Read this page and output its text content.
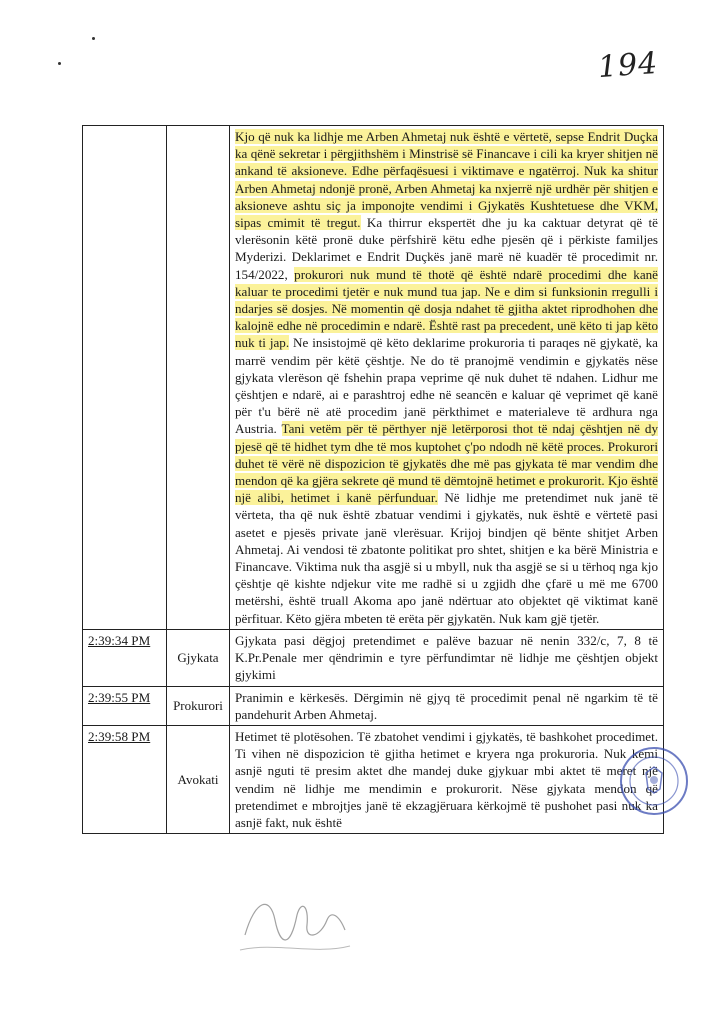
194

		Kjo që nuk ka lidhje me Arben Ahmetaj nuk është e vërtetë, sepse Endrit Duçka ka qënë sekretar i përgjithshëm i Minstrisë së Financave i cili ka kryer shitjen në ankand të aksioneve. Edhe përfaqësuesi i viktimave e ngatërroj. Nuk ka shitur Arben Ahmetaj ndonjë pronë, Arben Ahmetaj ka nxjerrë një urdhër për shitjen e aksioneve ashtu siç ja imponojte vendimi i Gjykatës Kushtetuese dhe VKM, sipas cmimit të tregut. Ka thirrur ekspertët dhe ju ka caktuar detyrat që të vlerësonin këtë pronë duke përfshirë këtu edhe pjesën që i përkiste familjes Myderizi. Deklarimet e Endrit Duçkës janë marë në kuadër të procedimit nr. 154/2022, prokurori nuk mund të thotë që është ndarë procedimi dhe kanë kaluar te procedimi tjetër e nuk mund tua jap. Ne e dim si funksionin rregulli i ndarjes së dosjes. Në momentin që dosja ndahet të gjitha aktet riprodhohen dhe kalojnë edhe në procedimin e ndarë. Është rast pa precedent, unë këto ti jap këto nuk ti jap. Ne insistojmë që këto deklarime prokuroria ti paraqes në gjykatë, ka marrë vendim për këtë çështje. Ne do të pranojmë vendimin e gjykatës nëse gjykata vlerëson që fshehin prapa veprime që nuk duhet të ndahen. Lidhur me çështjen e ndarë, ai e parashtroj edhe në seancën e kaluar që veprimet që kanë për t'u bërë në atë procedim janë përkthimet e materialeve të ardhura nga Austria. Tani vetëm për të përthyer një letërporosi thot të ndaj çështjen në dy pjesë që të hidhet tym dhe të mos kuptohet ç'po ndodh në këtë proces. Prokurori duhet të vërë në dispozicion të gjykatës dhe më pas gjykata të mar vendim dhe mendon që ka gjëra sekrete që mund të dëmtojnë hetimet e prokurorit. Kjo është një alibi, hetimet i kanë përfunduar. Në lidhje me pretendimet nuk janë të vërteta, tha që nuk është zbatuar vendimi i gjykatës, nuk është e vërtetë pasi asetet e pjesës private janë vlerësuar. Krijoj bindjen që bënte shitjet Arben Ahmetaj. Ai vendosi të zbatonte politikat pro shtet, shitjen e ka bërë Ministria e Financave. Viktima nuk tha asgjë si u mbyll, nuk tha asgjë se si u tërhoq nga kjo çështje që kishte ndjekur vite me radhë si u zgjidh dhe çfarë u më me 6700 metërshi, është truall Akoma apo janë ndërtuar ato objektet që viktimat kanë përfituar. Këto gjëra mbeten të erëta për gjykatën. Nuk kam gjë tjetër.

2:39:34 PM	Gjykata	Gjykata pasi dëgjoj pretendimet e palëve bazuar në nenin 332/c, 7, 8 të K.Pr.Penale mer qëndrimin e tyre përfundimtar në lidhje me çështjen objekt gjykimi
2:39:55 PM	Prokurori	Pranimin e kërkesës. Dërgimin në gjyq të procedimit penal në ngarkim të të pandehurit Arben Ahmetaj.
2:39:58 PM	Avokati	Hetimet të plotësohen. Të zbatohet vendimi i gjykatës, të bashkohet procedimet. Ti vihen në dispozicion të gjitha hetimet e kryera nga prokuroria. Nuk kemi asnjë nguti të presim aktet dhe mandej duke gjykuar mbi aktet të meret një vendim në lidhje me mendimin e prokurorit. Nëse gjykata mendon që pretendimet e mbrojtjes janë të ekzagjëruara kërkojmë të pushohet pasi nuk ka asnjë fakt, nuk është
